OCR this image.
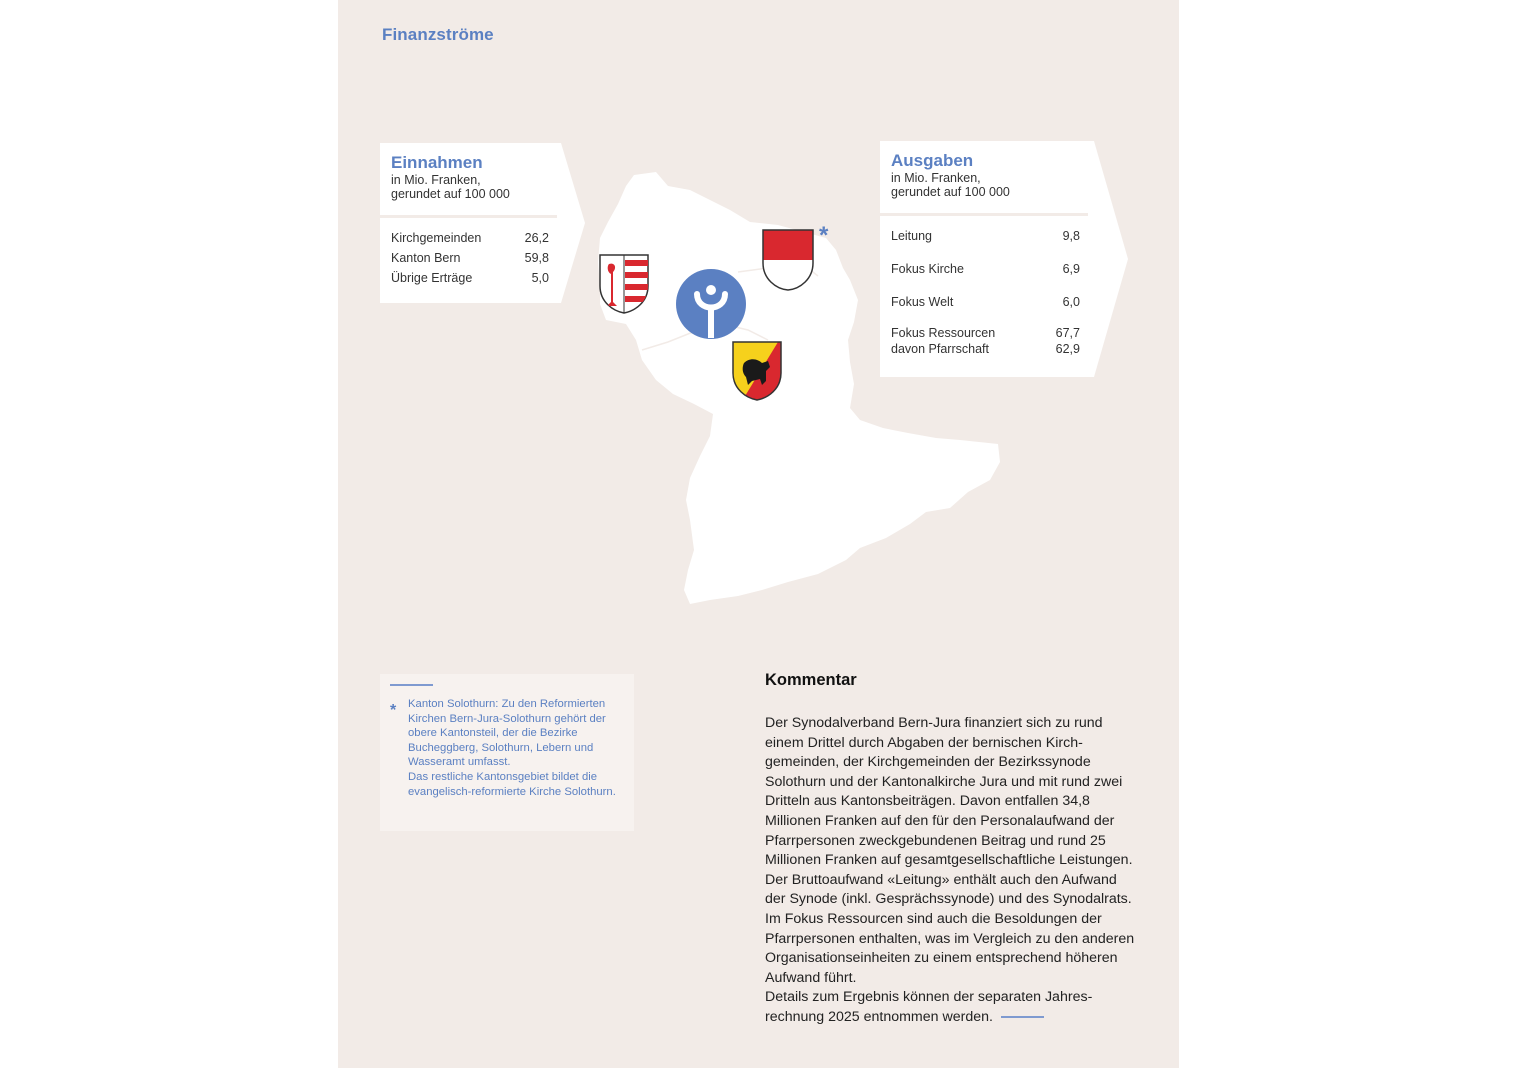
Finanzströme
Einnahmen
in Mio. Franken,
gerundet auf 100 000
Kirchgemeinden	26,2
Kanton Bern	59,8
Übrige Erträge	5,0
Ausgaben
in Mio. Franken,
gerundet auf 100 000
Leitung	9,8
Fokus Kirche	6,9
Fokus Welt	6,0
Fokus Ressourcen	67,7
davon Pfarrschaft	62,9
*
* Kanton Solothurn: Zu den Reformierten Kirchen Bern-Jura-Solothurn gehört der obere Kantonsteil, der die Bezirke Bucheggberg, Solothurn, Lebern und Wasseramt umfasst.

Das restliche Kantonsgebiet bildet die evangelisch-reformierte Kirche Solothurn.

Kommentar

Der Synodalverband Bern-Jura finanziert sich zu rund einem Drittel durch Abgaben der bernischen Kirchgemeinden, der Kirchgemeinden der Bezirkssynode Solothurn und der Kantonalkirche Jura und mit rund zwei Dritteln aus Kantonsbeiträgen. Davon entfallen 34,8 Millionen Franken auf den für den Personalaufwand der Pfarrpersonen zweckgebundenen Beitrag und rund 25 Millionen Franken auf gesamtgesellschaftliche Leistungen. Der Bruttoaufwand «Leitung» enthält auch den Aufwand der Synode (inkl. Gesprächssynode) und des Synodalrats. Im Fokus Ressourcen sind auch die Besoldungen der Pfarrpersonen enthalten, was im Vergleich zu den anderen Organisationseinheiten zu einem entsprechend höheren Aufwand führt.

Details zum Ergebnis können der separaten Jahresrechnung 2025 entnommen werden.
